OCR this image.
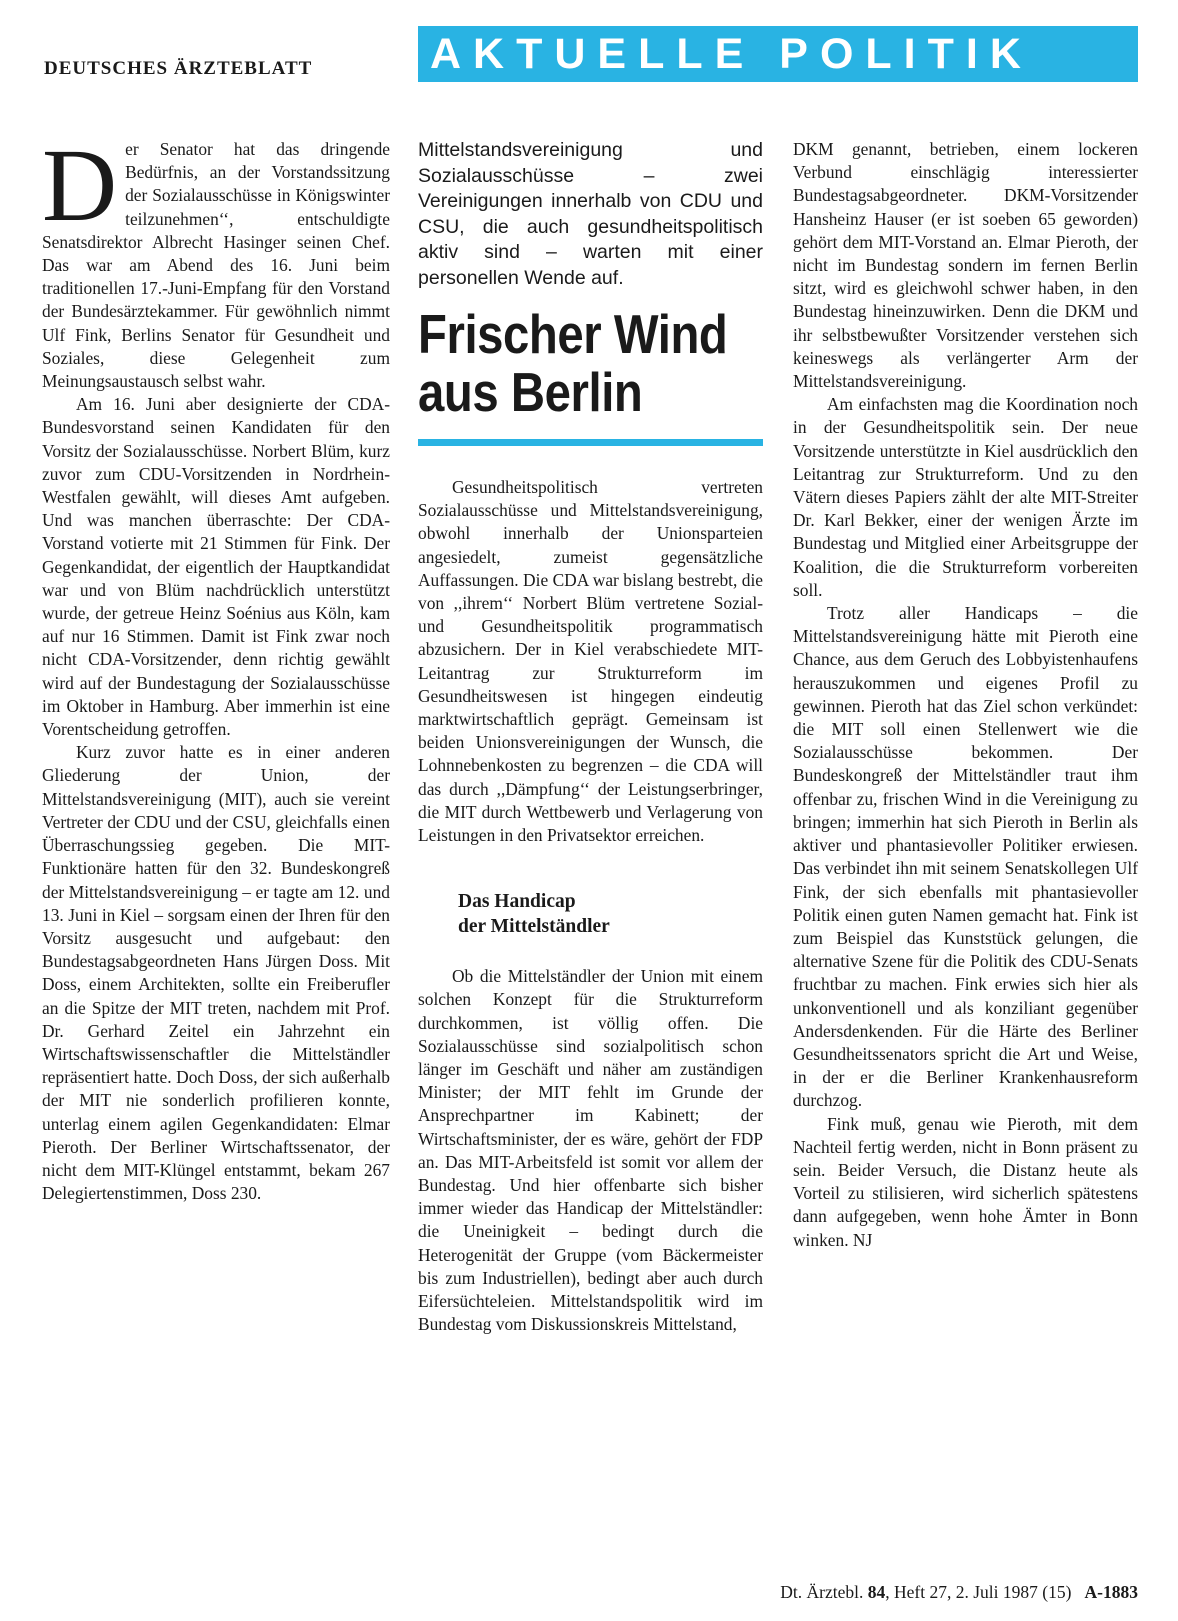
DEUTSCHES ÄRZTEBLATT	AKTUELLE POLITIK

Der Senator hat das dringende Bedürfnis, an der Vorstandssitzung der Sozialausschüsse in Königswinter teilzunehmen‘‘, entschuldigte Senatsdirektor Albrecht Hasinger seinen Chef. Das war am Abend des 16. Juni beim traditionellen 17.-Juni-Empfang für den Vorstand der Bundesärztekammer. Für gewöhnlich nimmt Ulf Fink, Berlins Senator für Gesundheit und Soziales, diese Gelegenheit zum Meinungsaustausch selbst wahr.

Am 16. Juni aber designierte der CDA-Bundesvorstand seinen Kandidaten für den Vorsitz der Sozialausschüsse. Norbert Blüm, kurz zuvor zum CDU-Vorsitzenden in Nordrhein-Westfalen gewählt, will dieses Amt aufgeben. Und was manchen überraschte: Der CDA-Vorstand votierte mit 21 Stimmen für Fink. Der Gegenkandidat, der eigentlich der Hauptkandidat war und von Blüm nachdrücklich unterstützt wurde, der getreue Heinz Soénius aus Köln, kam auf nur 16 Stimmen. Damit ist Fink zwar noch nicht CDA-Vorsitzender, denn richtig gewählt wird auf der Bundestagung der Sozialausschüsse im Oktober in Hamburg. Aber immerhin ist eine Vorentscheidung getroffen.

Kurz zuvor hatte es in einer anderen Gliederung der Union, der Mittelstandsvereinigung (MIT), auch sie vereint Vertreter der CDU und der CSU, gleichfalls einen Überraschungssieg gegeben. Die MIT-Funktionäre hatten für den 32. Bundeskongreß der Mittelstandsvereinigung – er tagte am 12. und 13. Juni in Kiel – sorgsam einen der Ihren für den Vorsitz ausgesucht und aufgebaut: den Bundestagsabgeordneten Hans Jürgen Doss. Mit Doss, einem Architekten, sollte ein Freiberufler an die Spitze der MIT treten, nachdem mit Prof. Dr. Gerhard Zeitel ein Jahrzehnt ein Wirtschaftswissenschaftler die Mittelständler repräsentiert hatte. Doch Doss, der sich außerhalb der MIT nie sonderlich profilieren konnte, unterlag einem agilen Gegenkandidaten: Elmar Pieroth. Der Berliner Wirtschaftssenator, der nicht dem MIT-Klüngel entstammt, bekam 267 Delegiertenstimmen, Doss 230.

Mittelstandsvereinigung und Sozialausschüsse – zwei Vereinigungen innerhalb von CDU und CSU, die auch gesundheitspolitisch aktiv sind – warten mit einer personellen Wende auf.

Frischer Wind
aus Berlin

Gesundheitspolitisch vertreten Sozialausschüsse und Mittelstandsvereinigung, obwohl innerhalb der Unionsparteien angesiedelt, zumeist gegensätzliche Auffassungen. Die CDA war bislang bestrebt, die von ,,ihrem‘‘ Norbert Blüm vertretene Sozial- und Gesundheitspolitik programmatisch abzusichern. Der in Kiel verabschiedete MIT-Leitantrag zur Strukturreform im Gesundheitswesen ist hingegen eindeutig marktwirtschaftlich geprägt. Gemeinsam ist beiden Unionsvereinigungen der Wunsch, die Lohnnebenkosten zu begrenzen – die CDA will das durch ,,Dämpfung‘‘ der Leistungserbringer, die MIT durch Wettbewerb und Verlagerung von Leistungen in den Privatsektor erreichen.

Das Handicap
der Mittelständler

Ob die Mittelständler der Union mit einem solchen Konzept für die Strukturreform durchkommen, ist völlig offen. Die Sozialausschüsse sind sozialpolitisch schon länger im Geschäft und näher am zuständigen Minister; der MIT fehlt im Grunde der Ansprechpartner im Kabinett; der Wirtschaftsminister, der es wäre, gehört der FDP an. Das MIT-Arbeitsfeld ist somit vor allem der Bundestag. Und hier offenbarte sich bisher immer wieder das Handicap der Mittelständler: die Uneinigkeit – bedingt durch die Heterogenität der Gruppe (vom Bäckermeister bis zum Industriellen), bedingt aber auch durch Eifersüchteleien. Mittelstandspolitik wird im Bundestag vom Diskussionskreis Mittelstand,

DKM genannt, betrieben, einem lockeren Verbund einschlägig interessierter Bundestagsabgeordneter. DKM-Vorsitzender Hansheinz Hauser (er ist soeben 65 geworden) gehört dem MIT-Vorstand an. Elmar Pieroth, der nicht im Bundestag sondern im fernen Berlin sitzt, wird es gleichwohl schwer haben, in den Bundestag hineinzuwirken. Denn die DKM und ihr selbstbewußter Vorsitzender verstehen sich keineswegs als verlängerter Arm der Mittelstandsvereinigung.

Am einfachsten mag die Koordination noch in der Gesundheitspolitik sein. Der neue Vorsitzende unterstützte in Kiel ausdrücklich den Leitantrag zur Strukturreform. Und zu den Vätern dieses Papiers zählt der alte MIT-Streiter Dr. Karl Bekker, einer der wenigen Ärzte im Bundestag und Mitglied einer Arbeitsgruppe der Koalition, die die Strukturreform vorbereiten soll.

Trotz aller Handicaps – die Mittelstandsvereinigung hätte mit Pieroth eine Chance, aus dem Geruch des Lobbyistenhaufens herauszukommen und eigenes Profil zu gewinnen. Pieroth hat das Ziel schon verkündet: die MIT soll einen Stellenwert wie die Sozialausschüsse bekommen. Der Bundeskongreß der Mittelständler traut ihm offenbar zu, frischen Wind in die Vereinigung zu bringen; immerhin hat sich Pieroth in Berlin als aktiver und phantasievoller Politiker erwiesen. Das verbindet ihn mit seinem Senatskollegen Ulf Fink, der sich ebenfalls mit phantasievoller Politik einen guten Namen gemacht hat. Fink ist zum Beispiel das Kunststück gelungen, die alternative Szene für die Politik des CDU-Senats fruchtbar zu machen. Fink erwies sich hier als unkonventionell und als konziliant gegenüber Andersdenkenden. Für die Härte des Berliner Gesundheitssenators spricht die Art und Weise, in der er die Berliner Krankenhausreform durchzog.

Fink muß, genau wie Pieroth, mit dem Nachteil fertig werden, nicht in Bonn präsent zu sein. Beider Versuch, die Distanz heute als Vorteil zu stilisieren, wird sicherlich spätestens dann aufgegeben, wenn hohe Ämter in Bonn winken. NJ

Dt. Ärztebl. 84, Heft 27, 2. Juli 1987 (15) A-1883
